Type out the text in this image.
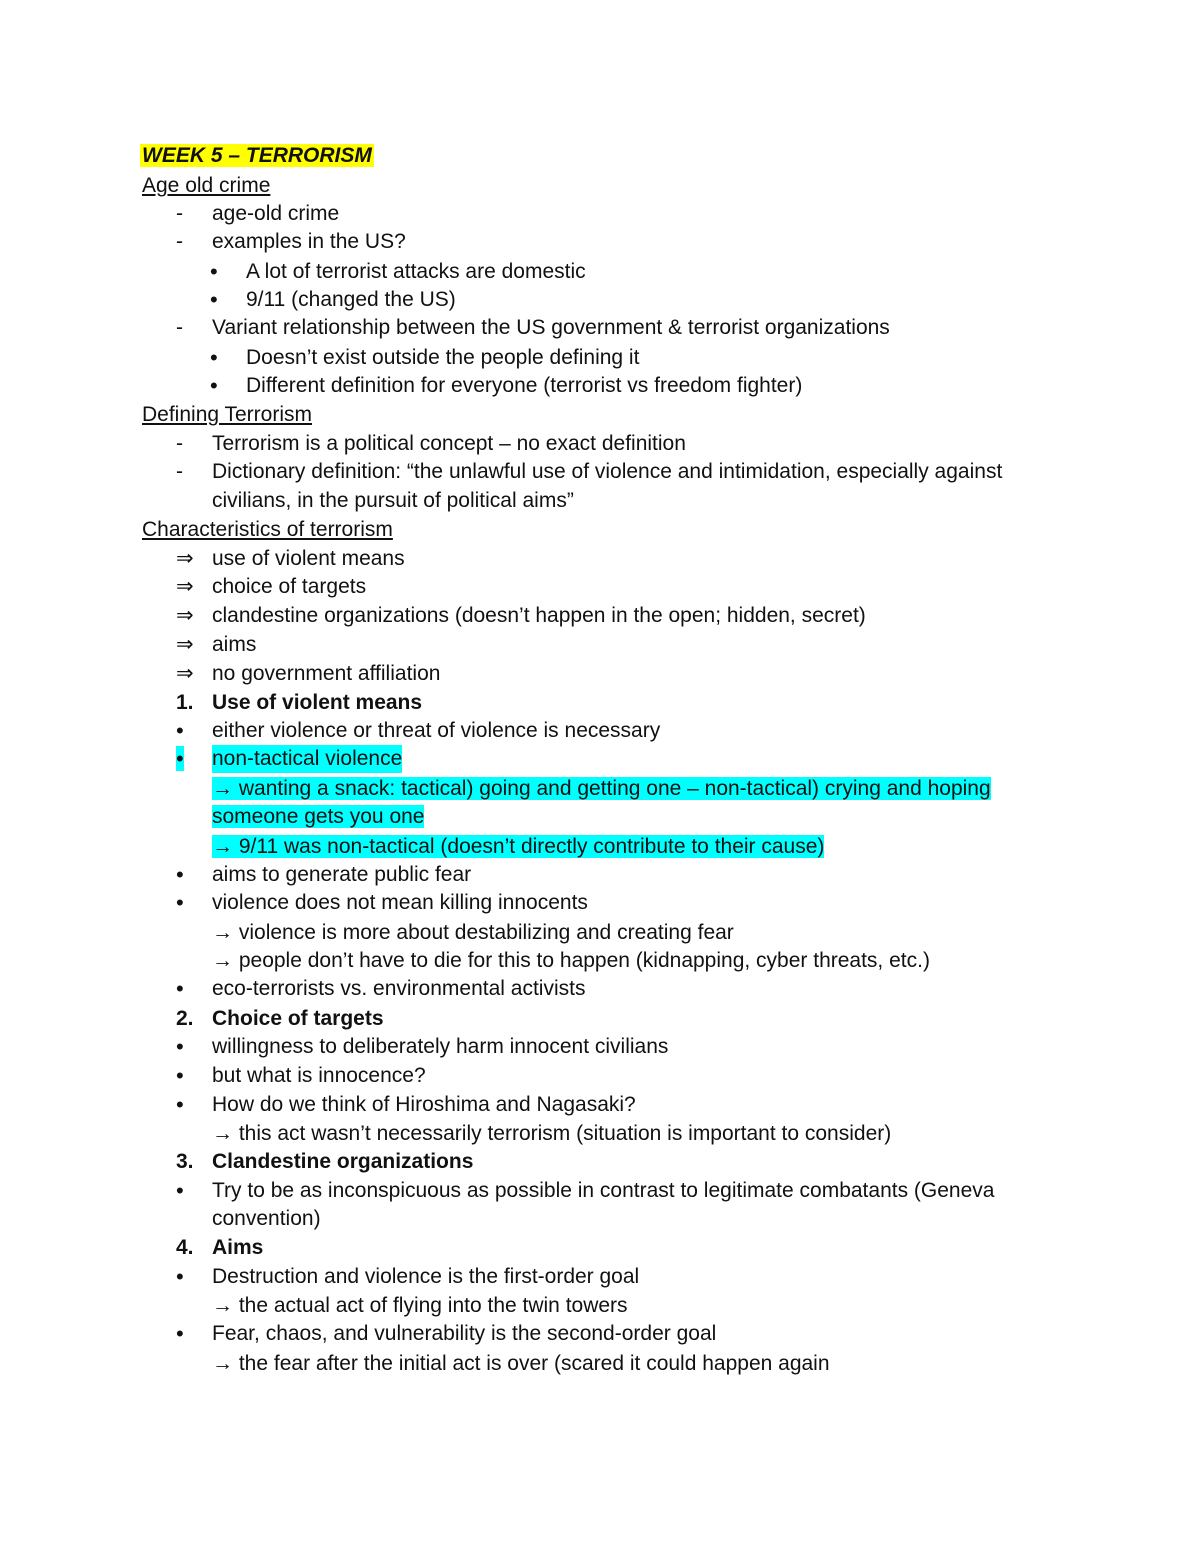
WEEK 5 – TERRORISM
Age old crime
- age-old crime
- examples in the US?
• A lot of terrorist attacks are domestic
• 9/11 (changed the US)
- Variant relationship between the US government & terrorist organizations
• Doesn’t exist outside the people defining it
• Different definition for everyone (terrorist vs freedom fighter)
Defining Terrorism
- Terrorism is a political concept – no exact definition
- Dictionary definition: “the unlawful use of violence and intimidation, especially against
civilians, in the pursuit of political aims”
Characteristics of terrorism
⇒ use of violent means
⇒ choice of targets
⇒ clandestine organizations (doesn’t happen in the open; hidden, secret)
⇒ aims
⇒ no government affiliation
1. Use of violent means
• either violence or threat of violence is necessary
• non-tactical violence
→ wanting a snack: tactical) going and getting one – non-tactical) crying and hoping
someone gets you one
→ 9/11 was non-tactical (doesn’t directly contribute to their cause)
• aims to generate public fear
• violence does not mean killing innocents
→ violence is more about destabilizing and creating fear
→ people don’t have to die for this to happen (kidnapping, cyber threats, etc.)
• eco-terrorists vs. environmental activists
2. Choice of targets
• willingness to deliberately harm innocent civilians
• but what is innocence?
• How do we think of Hiroshima and Nagasaki?
→ this act wasn’t necessarily terrorism (situation is important to consider)
3. Clandestine organizations
• Try to be as inconspicuous as possible in contrast to legitimate combatants (Geneva
convention)
4. Aims
• Destruction and violence is the first-order goal
→ the actual act of flying into the twin towers
• Fear, chaos, and vulnerability is the second-order goal
→ the fear after the initial act is over (scared it could happen again
